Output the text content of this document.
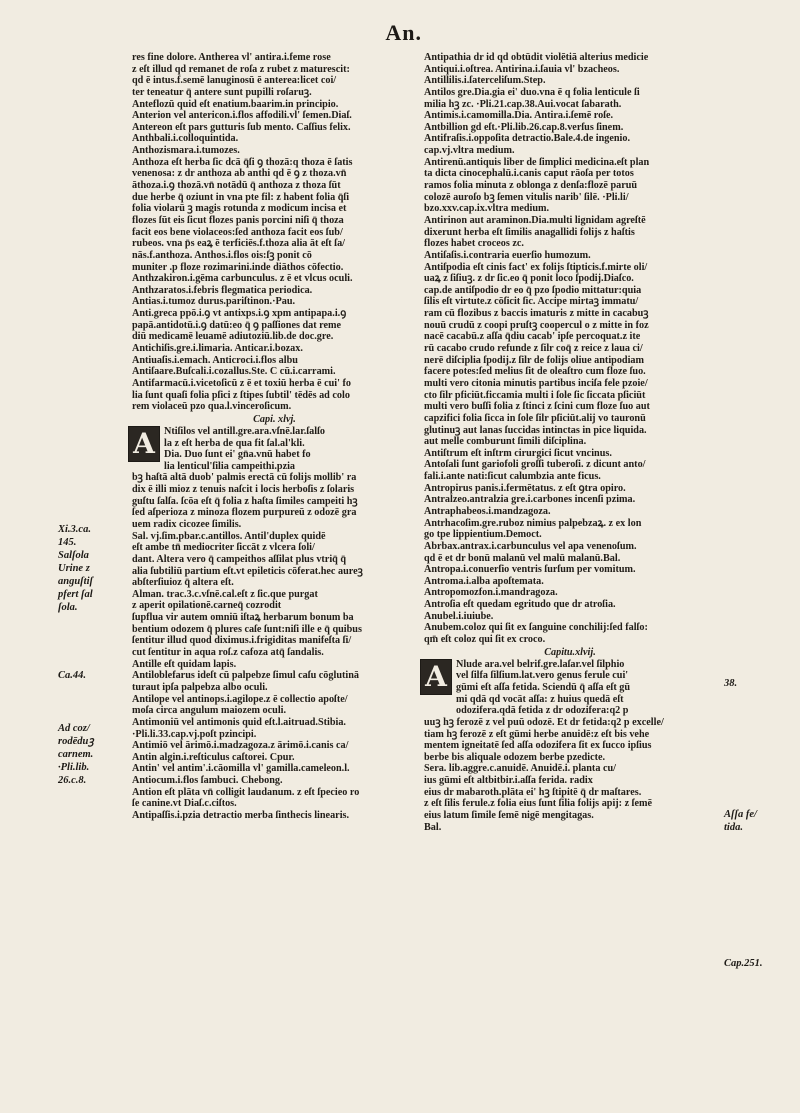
An.
res fine dolore. Antherea vl' antira.i.feme rose
z eſt illud qd remanet de roſa z rubet z maturescit:
qd ē intus.f.semē lanuginosū ē anterea:licet coi/
ter teneatur q̄ antere sunt pupilli roſaruꝫ.
Anteflozū quid eſt enatium.baarim.in principio.
Anterion vel antericon.i.flos affodili.vl' ſemen.Diaſ.
Antereon eſt pars gutturis ſub mento. Caſſius felix.
Anthbali.i.colloquintida.
Anthozismara.i.tumozes.
Anthoza eſt herba ſic dcā q̄ſi ꝯ thozā:q thoza ē ſatis
venenosa: z dr anthoza ab anthi qd ē ꝯ z thoza.vn̄
āthoza.i.ꝯ thozā.vn̄ notādū q̄ anthoza z thoza ſūt
due herbe q̄ oziunt in vna pte fil: z habent folia q̄ſi
folia violarū ꝫ magis rotunda z modicum incisa et
flozes ſūt eis ſicut flozes panis porcini niſi q̄ thoza
facit eos bene violaceos:ſed anthoza facit eos ſub/
rubeos. vna p̄s eaꝝ ē terficiēs.f.thoza alia āt eſt ſa/
nās.f.anthoza. Anthos.i.flos ois:ſꝫ ponit cō
muniter .p floze rozimarini.inde diāthos cōfectio.
Anthzakiron.i.gēma carbunculus. z ē et vlcus oculi.
Anthzaratos.i.febris flegmatica periodica.
Antias.i.tumoz durus.pariſtinon.·Pau.
Anti.greca ppō.i.ꝯ vt antixps.i.ꝯ xpm antipapa.i.ꝯ
papā.antidotū.i.ꝯ datū:eo q̄ ꝯ paſſiones dat reme
diū medicamē leuamē adiutoziū.lib.de doc.gre.
Antichiſis.gre.i.limaria. Anticar.i.bozax.
Antiuaſis.i.emach. Anticroci.i.flos albu
Antiſaare.Buſcali.i.cozallus.Ste. C cū.i.carrami.
Antifarmacū.i.vicetoſicū z ē et toxiū herba ē cui' fo
lia ſunt quaſi folia pſici z ſtipes ſubtil' tēdēs ad colo
rem violaceū pzo qua.l.vinceroſicum.
Capi. xlvj.
A Ntiſilos vel antill.gre.ara.vſnē.lar.ſalſo
la z eſt herba de qua fit ſal.al'kli.
Dia. Duo ſunt ei' gn̄a.vnū habet fo
lia lenticul'ſilia campeithi.pzia
bꝫ haſtā altā duob' palmis erectā cū folijs mollib' ra
dix ē illi mioz z tenuis naſcit i locis herboſis z ſolaris
guſtu ſalſa. ſcōa eſt q̄ folia z haſta ſimiles campeiti hꝫ
ſed aſperioza z minoza flozem purpureū z odozē gra
uem radix cicozee ſimilis.
Sal. vj.ſim.pbar.c.antillos. Antil'duplex quidē
eſt ambe tn̄ mediocriter ſiccāt z vlcera ſoli/
dant. Altera vero q̄ campeithos aſſilat plus vtriq̄ q̄
alia ſubtiliū partium eſt.vt epileticis cōferat.hec aureꝫ
abſterſiuioz q̄ altera eſt.
Alman. trac.3.c.vſnē.cal.eſt z ſic.que purgat
z aperit opilationē.carneq̄ cozrodit
ſupflua vir autem omniū iſtaꝝ herbarum bonum ba
bentium odozem q̄ plures caſe ſunt:niſi ille e q̄ quibus
ſentitur illud quod diximus.i.frigiditas manifeſta ſi/
cut ſentitur in aqua roſ.z cafoza atq̄ ſandalis.
Antille eſt quidam lapis.
Antiloblefarus ideſt cū palpebze ſimul caſu cōglutinā
turaut ipſa palpebza albo oculi.
Antilope vel antinops.i.agilope.z ē collectio apoſte/
moſa circa angulum maiozem oculi.
Antimoniū vel antimonis quid eſt.l.aitruad.Stibia.
·Pli.li.33.cap.vj.poſt pzincipi.
Antimiō vel ārimō.i.madzagoza.z ārimō.i.canis ca/
Antin algin.i.reſticulus caſtorei. Cpur.
Antin' vel antim'.i.cāomilla vl' gamilla.cameleon.l.
Antiocum.i.flos ſambuci. Chebong.
Antion eſt plāta vn̄ colligit laudanum. z eſt ſpecieo ro
ſe canine.vt Diaſ.c.ciſtos.
Antipaſſis.i.pzia detractio merba ſinthecis linearis.
Antipathia dr id qd obtūdit violētiā alterius medicie
Antiqui.i.oſtrea. Antirina.i.ſauia vl' bzacheos.
Antillilis.i.ſaterceliſum.Step.
Antilos gre.Dia.gia ei' duo.vna ē q folia lenticule ſi
milia hꝫ zc. ·Pli.21.cap.38.Aui.vocat ſabarath.
Antimis.i.camomilla.Dia. Antira.i.ſemē roſe.
Antbillion gd eſt.·Pli.lib.26.cap.8.verſus ſinem.
Antifraſis.i.oppoſita detractio.Bale.4.de ingenio.
cap.vj.vltra medium.
Antirenū.antiquis liber de ſimplici medicina.eſt plan
ta dicta cinocephalū.i.canis caput rāoſa per totos
ramos folia minuta z oblonga z denſa:flozē paruū
colozē auroſo bꝫ ſemen vitulis narib' ſilē. ·Pli.li/
bzo.xxv.cap.ix.vltra medium.
Antirinon aut araminon.Dia.multi lignidam agreſtē
dixerunt herba eſt ſimilis anagallidi folijs z haſtis
flozes habet croceos zc.
Antiſaſis.i.contraria euerſio humozum.
Antiſpodia eſt cinis fact' ex folijs ſtipticis.f.mirte oli/
uaꝝ z ſiſiuꝫ. z dr ſic.eo q̄ ponit loco ſpodij.Diaſco.
cap.de antiſpodio dr eo q̄ pzo ſpodio mittatur:quia
ſilis eſt virtute.z cōſicit ſic. Accipe mirtaꝫ immatu/
ram cū flozibus z baccis imaturis z mitte in cacabuꝫ
nouū crudū z coopi pruſtꝫ coopercul o z mitte in foz
nacē cacabū.z aſſa q̄diu cacab' ipſe percoquat.z ite
rū cacabo crudo refunde z ſilr coq̄ z reice z laua ci/
nerē diſciplia ſpodij.z ſilr de folijs oliue antipodiam
facere potes:ſed melius ſit de oleaſtro cum floze ſuo.
multi vero citonia minutis partibus inciſa fele pzoie/
cto ſilr pficiūt.ficcamia multi i ſole ſic ſiccata pſiciūt
multi vero buſſi folia z ſtinci z ſcini cum floze ſuo aut
capzifici folia ſicca in ſole ſilr pſiciūt.alij vo tauronū
glutinuꝫ aut lanas ſuccidas intinctas in pice liquida.
aut melle comburunt ſimili diſciplina.
Antiſtrum eſt inſtrm cirurgici ſicut vncinus.
Antoſali ſunt gariofoli groſſi tuberoſi. z dicunt anto/
fali.i.ante nati:ſicut calumbzia ante ficus.
Antropirus panis.i.fermētatus. z eſt ꝯtra opiro.
Antralzeo.antralzia gre.i.carbones incenſi pzima.
Antraphabeos.i.mandzagoza.
Antrhacoſim.gre.ruboz nimius palpebzaꝝ. z ex lon
go tpe lippientium.Democt.
Abrbax.antrax.i.carbunculus vel apa venenoſum.
qd ē et dr bonū malanū vel malū malanū.Bal.
Antropa.i.conuerſio ventris ſurſum per vomitum.
Antroma.i.alba apoſtemata.
Antropomozfon.i.mandragoza.
Antroſia eſt quedam egritudo que dr atroſia.
Anubel.i.iuiube.
Anubem.coloz qui ſit ex ſanguine conchilij:ſed falſo:
qm̄ eſt coloz qui ſit ex croco.
Capitu.xlvij.
A Nlude ara.vel belrif.gre.laſar.vel ſilphio
vel ſilfa ſilſium.lat.vero genus ferule cui'
gūmi eſt aſſa fetida. Sciendū q̄ aſſa eſt gū
mi qdā qd vocāt aſſa: z huius quedā eſt
odozifera.qdā fetida z dr odozifera:q2 p
uuꝫ hꝫ ferozē z vel puū odozē. Et dr fetida:q2 p excelle/
tiam hꝫ ferozē z eſt gūmi herbe anuidē:z eſt bis vehe
mentem igneitatē ſed aſſa odozifera ſit ex ſucco ipſius
berbe bis aliquale odozem berbe pzedicte.
Sera. lib.aggre.c.anuidē. Anuidē.i. planta cu/
ius gūmi eſt altbitbir.i.aſſa ferida. radix
eius dr mabaroth.plāta ei' hꝫ ſtipitē q̄ dr maſtares.
z eſt ſilis ferule.z folia eius ſunt ſilia folijs apij: z ſemē
eius latum ſimile ſemē nigē mengitagas.
Bal.
Xi.3.ca.
145.
Salſola
Urine z
anguſtiſ
pfert ſal
ſola.
Ca.44.
Ad coz/
rodēduꝫ
carnem.
·Pli.lib.
26.c.8.
38.
Aſſa fe/
tida.
Cap.251.
